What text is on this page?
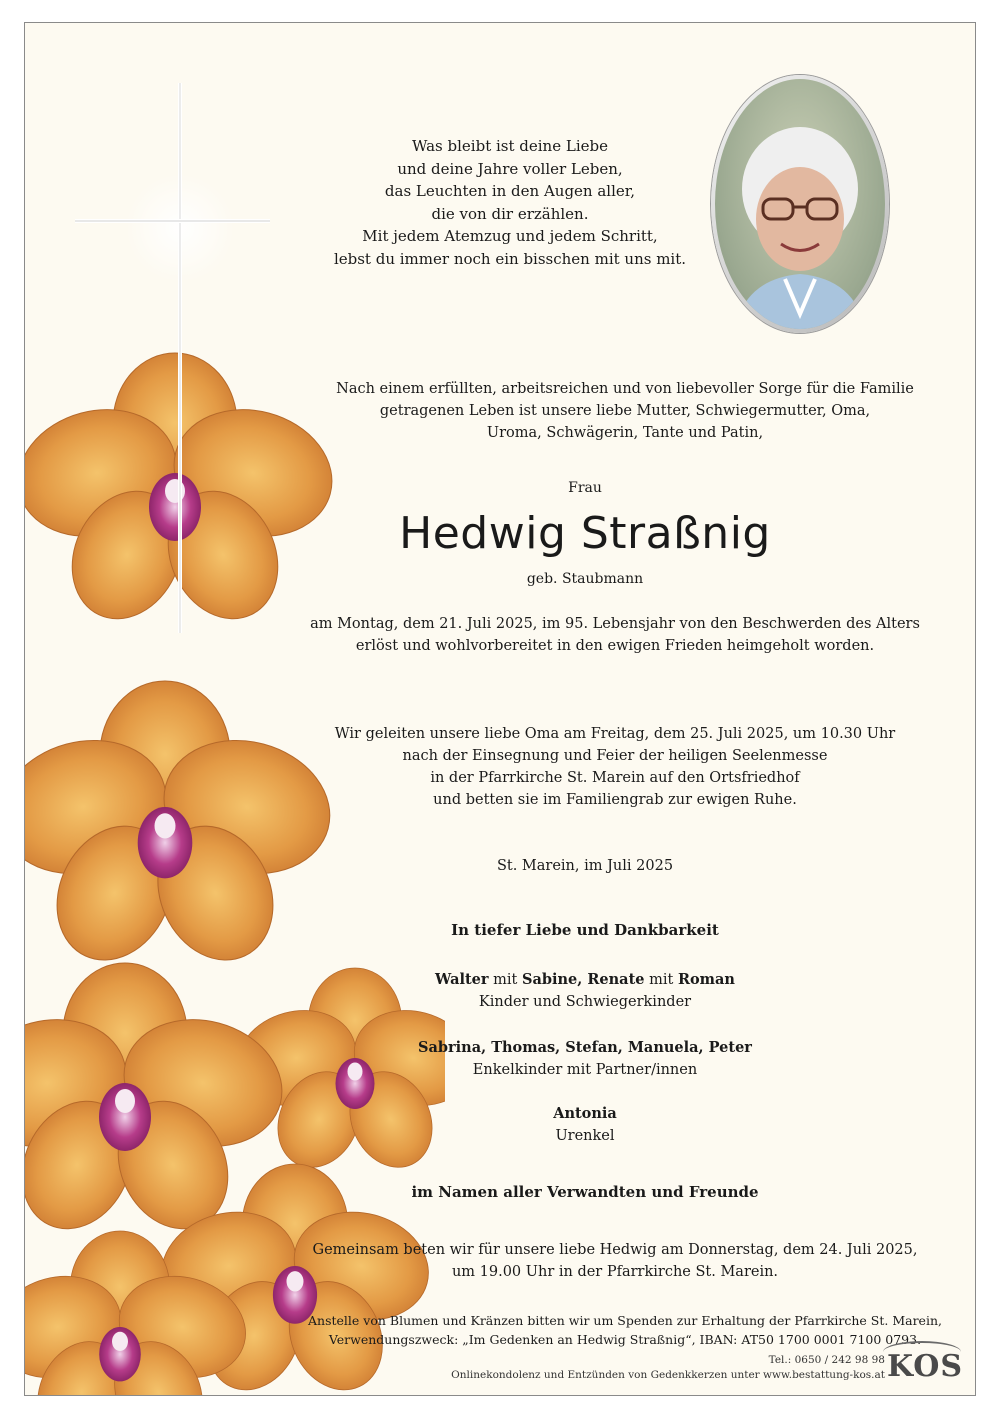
Was bleibt ist deine Liebe
und deine Jahre voller Leben,
das Leuchten in den Augen aller,
die von dir erzählen.
Mit jedem Atemzug und jedem Schritt,
lebst du immer noch ein bisschen mit uns mit.
Nach einem erfüllten, arbeitsreichen und von liebevoller Sorge für die Familie
getragenen Leben ist unsere liebe Mutter, Schwiegermutter, Oma,
Uroma, Schwägerin, Tante und Patin,
Frau
Hedwig Straßnig
geb. Staubmann
am Montag, dem 21. Juli 2025, im 95. Lebensjahr von den Beschwerden des Alters
erlöst und wohlvorbereitet in den ewigen Frieden heimgeholt worden.
Wir geleiten unsere liebe Oma am Freitag, dem 25. Juli 2025, um 10.30 Uhr
nach der Einsegnung und Feier der heiligen Seelenmesse
in der Pfarrkirche St. Marein auf den Ortsfriedhof
und betten sie im Familiengrab zur ewigen Ruhe.
St. Marein, im Juli 2025
In tiefer Liebe und Dankbarkeit
Walter mit Sabine, Renate mit Roman
Kinder und Schwiegerkinder
Sabrina, Thomas, Stefan, Manuela, Peter
Enkelkinder mit Partner/innen
Antonia
Urenkel
im Namen aller Verwandten und Freunde
Gemeinsam beten wir für unsere liebe Hedwig am Donnerstag, dem 24. Juli 2025,
um 19.00 Uhr in der Pfarrkirche St. Marein.
Anstelle von Blumen und Kränzen bitten wir um Spenden zur Erhaltung der Pfarrkirche St. Marein,
Verwendungszweck: „Im Gedenken an Hedwig Straßnig“, IBAN: AT50 1700 0001 7100 0793.
Tel.: 0650 / 242 98 98
Onlinekondolenz und Entzünden von Gedenkkerzen unter www.bestattung-kos.at KOS
